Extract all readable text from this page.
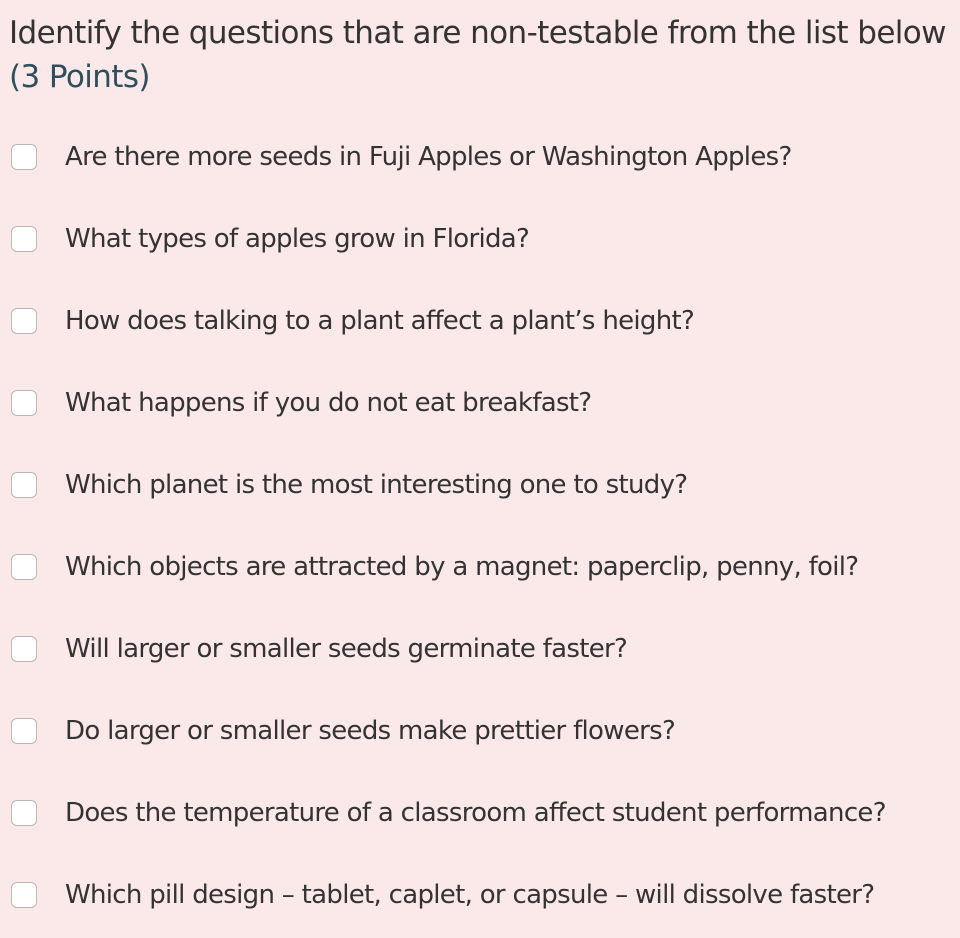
Identify the questions that are non-testable from the list below
(3 Points)
Are there more seeds in Fuji Apples or Washington Apples?
What types of apples grow in Florida?
How does talking to a plant affect a plant’s height?
What happens if you do not eat breakfast?
Which planet is the most interesting one to study?
Which objects are attracted by a magnet: paperclip, penny, foil?
Will larger or smaller seeds germinate faster?
Do larger or smaller seeds make prettier flowers?
Does the temperature of a classroom affect student performance?
Which pill design – tablet, caplet, or capsule – will dissolve faster?
